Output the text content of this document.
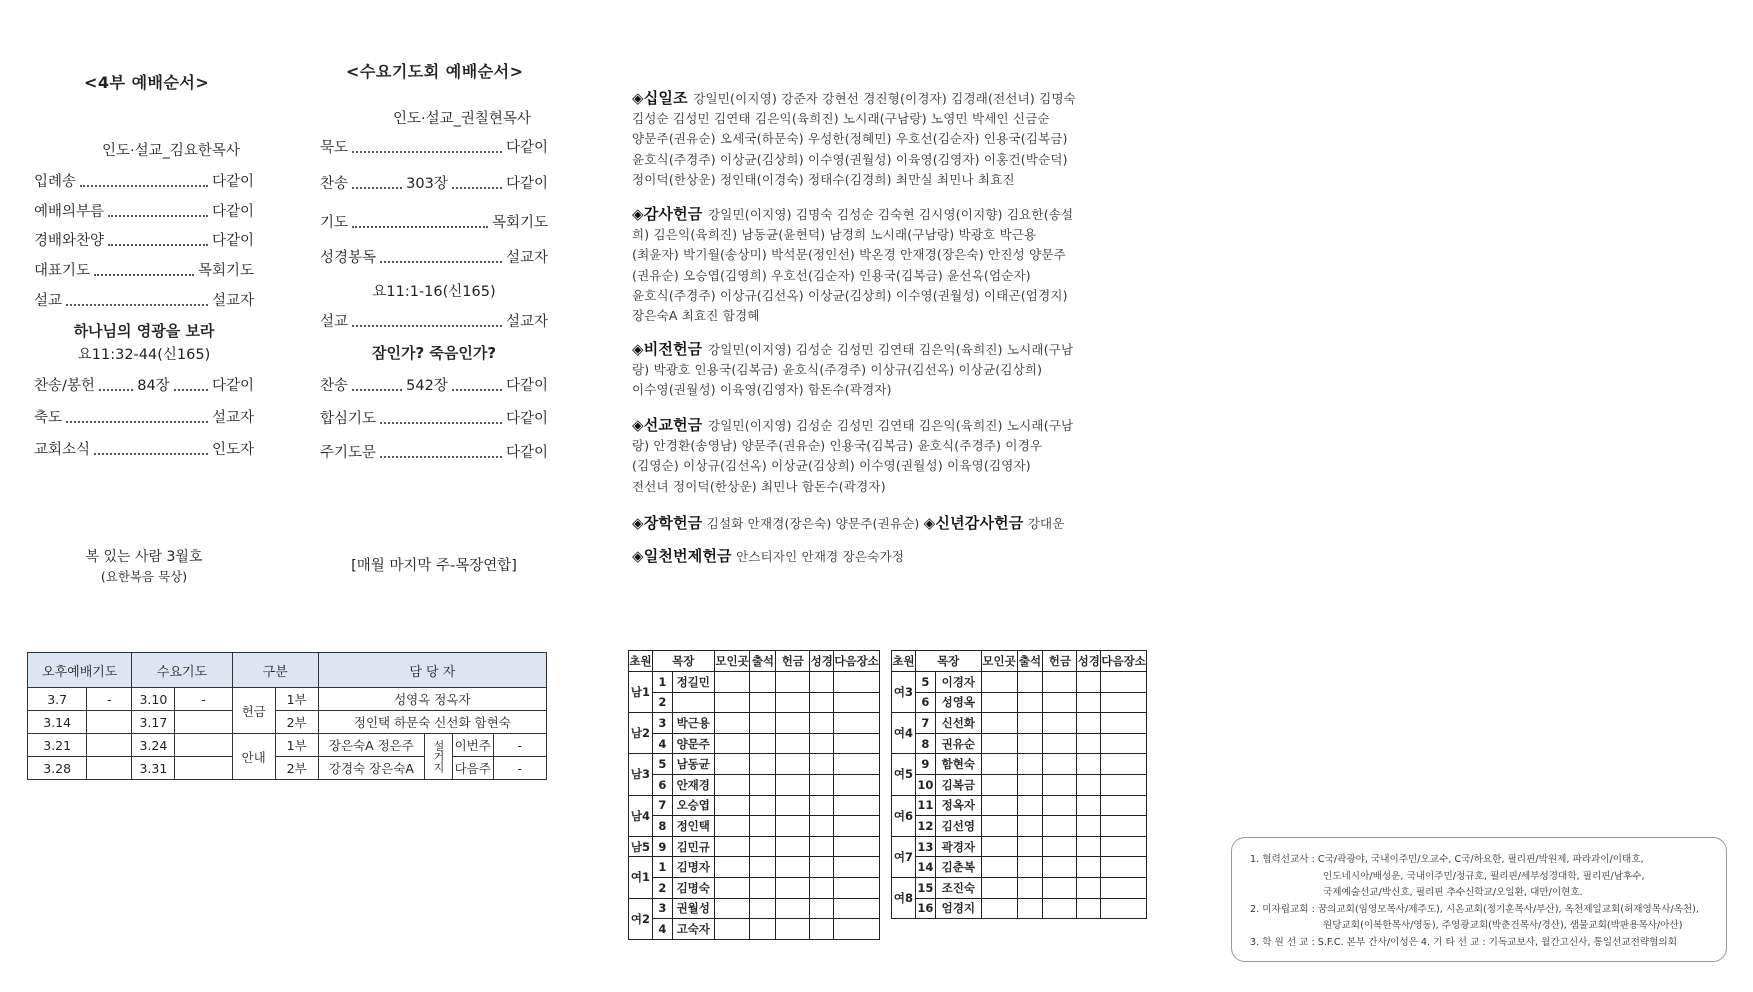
<4부 예배순서>
인도·설교_김요한목사
입례송	다같이
예배의부름	다같이
경배와찬양	다같이
대표기도	목회기도
설교	설교자
찬송/봉헌	84장	다같이
축도	설교자
교회소식	인도자
하나님의 영광을 보라
요11:32-44(신165)
복 있는 사람 3월호
(요한복음 묵상)
<수요기도회 예배순서>
인도·설교_권칠현목사
묵도	다같이
찬송	303장	다같이
기도	목회기도
성경봉독	설교자
설교	설교자
찬송	542장	다같이
합심기도	다같이
주기도문	다같이
요11:1-16(신165)
잠인가? 죽음인가?
[매월 마지막 주-목장연합]
◈십일조 강일민(이지영) 강준자 강현선 경진형(이경자) 김경래(전선녀) 김명숙
김성순 김성민 김연태 김은익(육희진) 노시래(구남랑) 노영민 박세인 신금순
양문주(권유순) 오세국(하문숙) 우성한(정혜민) 우호선(김순자) 인용국(김복금)
윤호식(주경주) 이상균(김상희) 이수영(권월성) 이육영(김영자) 이홍건(박순덕)
정이덕(한상운) 정인태(이경숙) 정태수(김경희) 최만실 최민나 최효진
◈감사헌금 강일민(이지영) 김명숙 김성순 김숙현 김시영(이지향) 김요한(송설
희) 김은익(육희진) 남동균(윤현덕) 남경희 노시래(구남랑) 박광호 박근용
(최윤자) 박기월(송상미) 박석문(정인선) 박온경 안재경(장은숙) 안진성 양문주
(권유순) 오승엽(김영희) 우호선(김순자) 인용국(김복금) 윤선옥(엄순자)
윤호식(주경주) 이상규(김선옥) 이상균(김상희) 이수영(권월성) 이태곤(엄경지)
장은숙A 최효진 함경혜
◈비전헌금 강일민(이지영) 김성순 김성민 김연태 김은익(육희진) 노시래(구남
랑) 박광호 인용국(김복금) 윤호식(주경주) 이상규(김선옥) 이상균(김상희)
이수영(권월성) 이육영(김영자) 함돈수(곽경자)
◈선교헌금 강일민(이지영) 김성순 김성민 김연태 김은익(육희진) 노시래(구남
랑) 안경환(송영남) 양문주(권유순) 인용국(김복금) 윤호식(주경주) 이경우
(김영순) 이상규(김선옥) 이상균(김상희) 이수영(권월성) 이육영(김영자)
전선녀 정이덕(한상운) 최민나 함돈수(곽경자)
◈장학헌금 김설화 안재경(장은숙) 양문주(권유순) ◈신년감사헌금 강대운
◈일천번제헌금 안스티자인 안재경 장은숙가정
오후예배기도		수요기도		구분		담 당 자			
3.7	-	3.10	-	헌금	1부	성영옥 정옥자			
3.14		3.17			2부	정인택 하문숙 신선화 함현숙			
3.21		3.24		안내	1부	장은숙A 정은주	설거지	이번주	-
3.28		3.31			2부	강경숙 장은숙A		다음주	-
초원	목장		모인곳	출석	헌금	성경	다음장소
남1	1	정길민					
	2						
남2	3	박근용					
	4	양문주					
남3	5	남동균					
	6	안재경					
남4	7	오승엽					
	8	정인택					
남5	9	김민규					
여1	1	김명자					
	2	김명숙					
여2	3	권월성					
	4	고숙자					
초원	목장		모인곳	출석	헌금	성경	다음장소
여3	5	이경자					
	6	성영옥					
여4	7	신선화					
	8	권유순					
여5	9	함현숙					
	10	김복금					
여6	11	정옥자					
	12	김선영					
여7	13	곽경자					
	14	김춘복					
여8	15	조진숙					
	16	엄경지					
1. 협력선교사 : C국/곽광야, 국내이주민/오교수, C국/하요한, 필리핀/박원제, 파라과이/이태호,
인도네시아/배성운, 국내이주민/정규호, 필리핀/세부성경대학, 필리핀/남후수,
국제예술선교/박신호, 필리핀 추수신학교/오일환, 대만/이현호.
2. 미자립교회 : 꿈의교회(임영모목사/제주도), 시온교회(정기훈목사/부산), 옥천제일교회(허재영목사/옥천),
원당교회(이복한목사/영동), 주영광교회(박춘건목사/경산), 샘물교회(박판용목사/아산)
3. 학 원 선 교 : S.F.C. 본부 간사/이성은 4. 기 타 선 교 : 기독교보사, 월간고신사, 통일선교전략협의회
